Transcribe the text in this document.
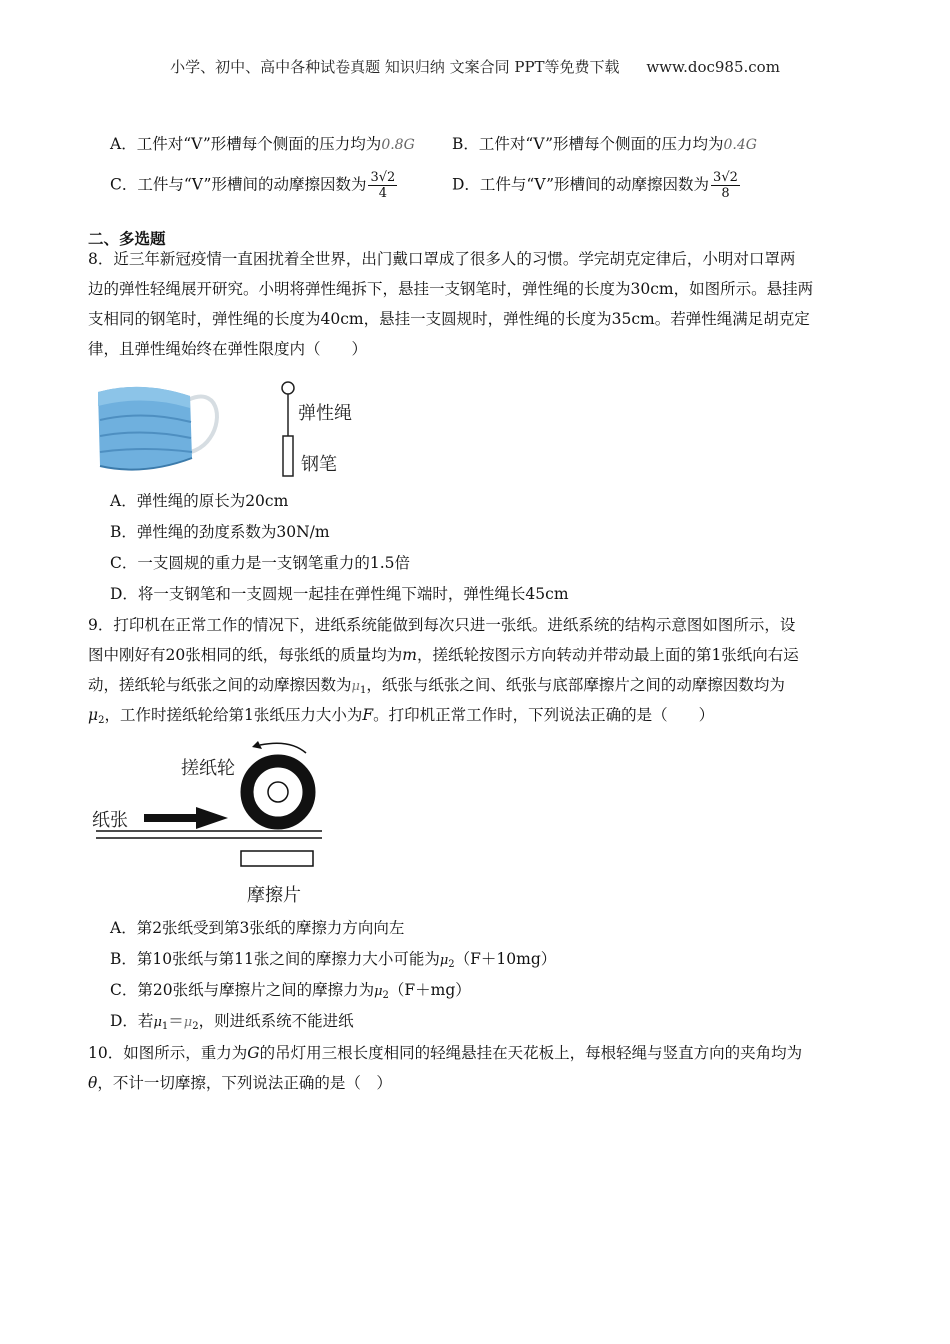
小学、初中、高中各种试卷真题 知识归纳 文案合同 PPT等免费下载 www.doc985.com
A．工件对“V”形槽每个侧面的压力均为0.8G B．工件对“V”形槽每个侧面的压力均为0.4G
C．工件与“V”形槽间的动摩擦因数为 $\frac{3√2}{4}$	D．工件与“V”形槽间的动摩擦因数为 $\frac{3√2}{8}$
二、多选题
8．近三年新冠疫情一直困扰着全世界，出门戴口罩成了很多人的习惯。学完胡克定律后，小明对口罩两
边的弹性轻绳展开研究。小明将弹性绳拆下，悬挂一支钢笔时，弹性绳的长度为30cm，如图所示。悬挂两
支相同的钢笔时，弹性绳的长度为40cm，悬挂一支圆规时，弹性绳的长度为35cm。若弹性绳满足胡克定
律，且弹性绳始终在弹性限度内（　　）
弹性绳
钢笔
A．弹性绳的原长为20cm
B．弹性绳的劲度系数为30N/m
C．一支圆规的重力是一支钢笔重力的1.5倍
D．将一支钢笔和一支圆规一起挂在弹性绳下端时，弹性绳长45cm
9．打印机在正常工作的情况下，进纸系统能做到每次只进一张纸。进纸系统的结构示意图如图所示，设
图中刚好有20张相同的纸，每张纸的质量均为m，搓纸轮按图示方向转动并带动最上面的第1张纸向右运
动，搓纸轮与纸张之间的动摩擦因数为$\mu_1$，纸张与纸张之间、纸张与底部摩擦片之间的动摩擦因数均为
$\mu_2$，工作时搓纸轮给第1张纸压力大小为F。打印机正常工作时，下列说法正确的是（　　）
搓纸轮
纸张
摩擦片
A．第2张纸受到第3张纸的摩擦力方向向左
B．第10张纸与第11张之间的摩擦力大小可能为$\mu_2(F+10mg)$
C．第20张纸与摩擦片之间的摩擦力为$\mu_2(F+mg)$
D．若$\mu_1=\mu_2$，则进纸系统不能进纸
10．如图所示，重力为G的吊灯用三根长度相同的轻绳悬挂在天花板上，每根轻绳与竖直方向的夹角均为
θ，不计一切摩擦，下列说法正确的是（　）
